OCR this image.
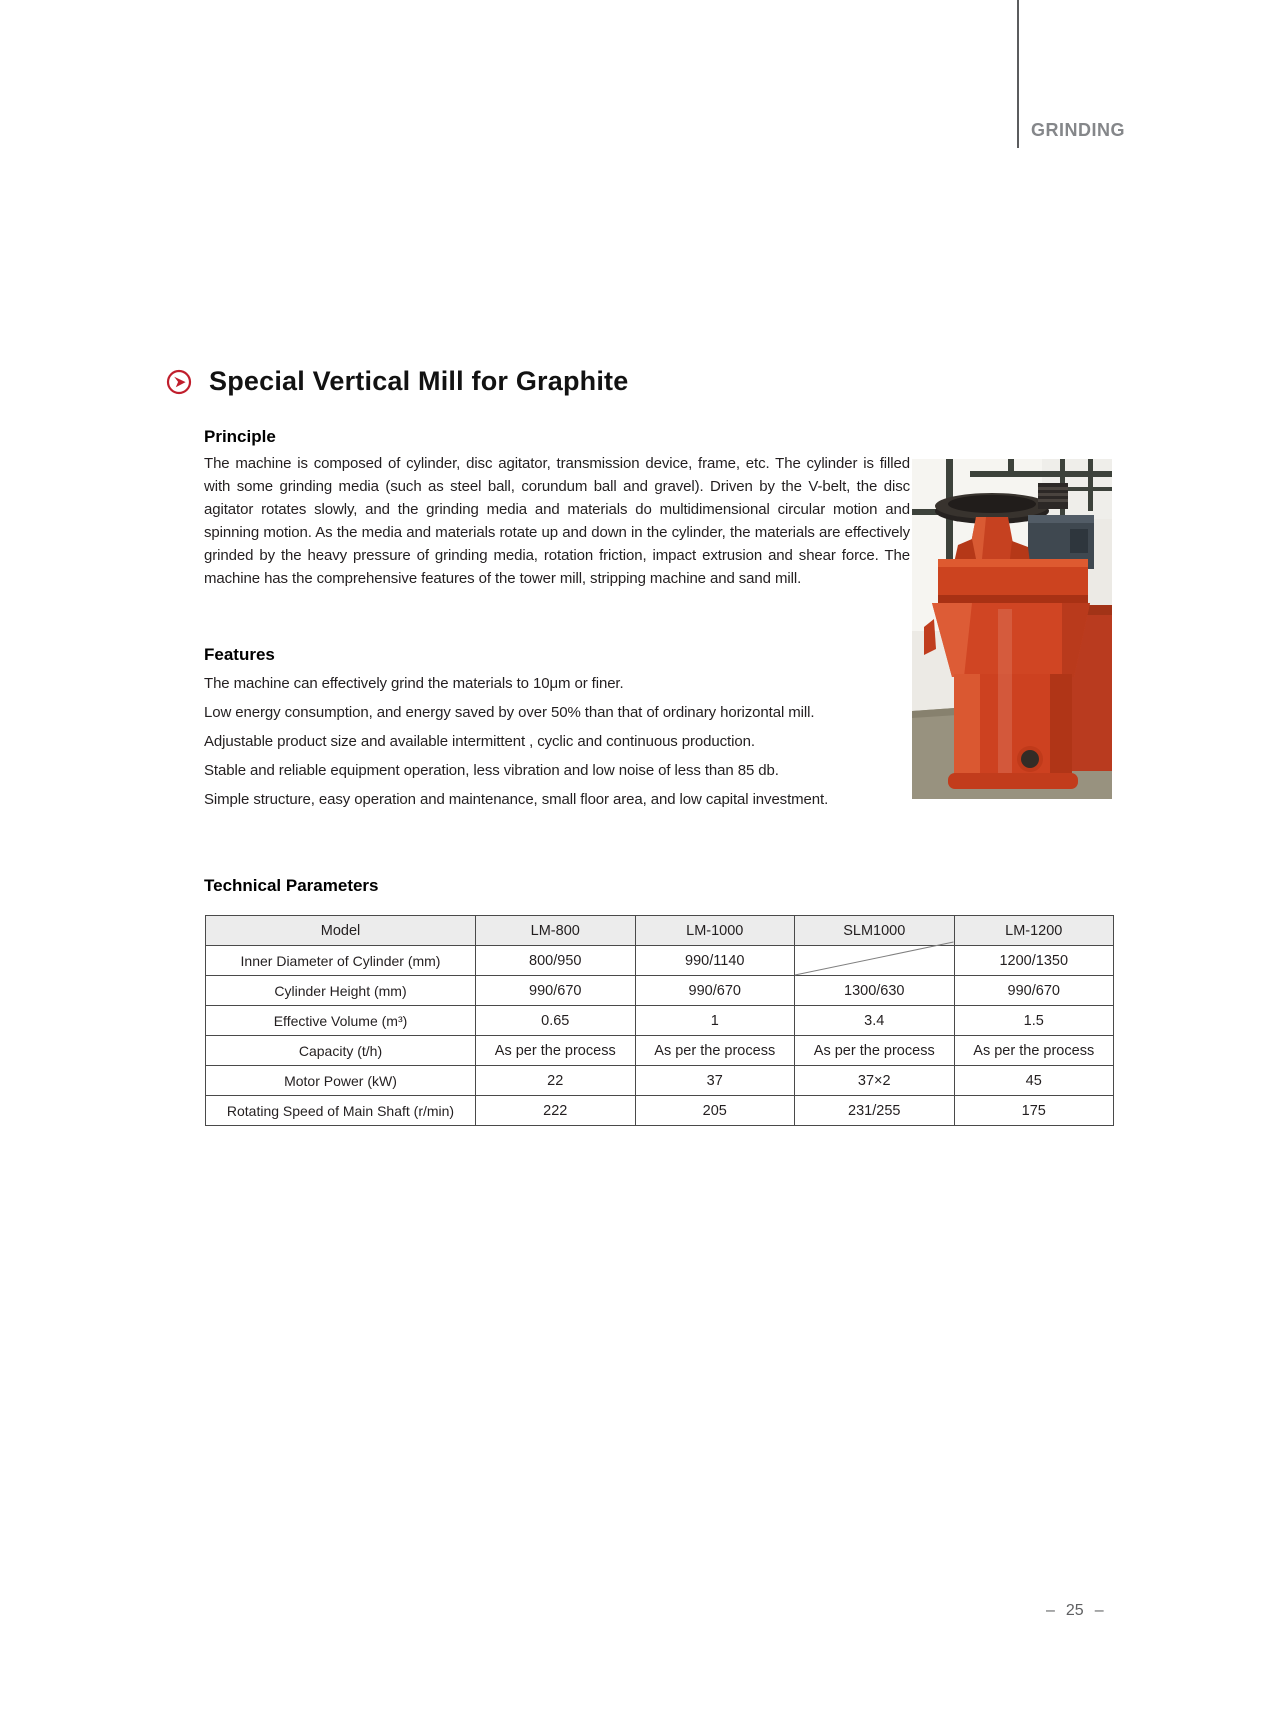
GRINDING
Special Vertical Mill for Graphite
Principle

The machine is composed of cylinder, disc agitator, transmission device, frame, etc. The cylinder is filled with some grinding media (such as steel ball, corundum ball and gravel). Driven by the V-belt, the disc agitator rotates slowly, and the grinding media and materials do multidimensional circular motion and spinning motion. As the media and materials rotate up and down in the cylinder, the materials are effectively grinded by the heavy pressure of grinding media, rotation friction, impact extrusion and shear force. The machine has the comprehensive features of the tower mill, stripping machine and sand mill.

Features

The machine can effectively grind the materials to 10μm or finer.

Low energy consumption, and energy saved by over 50% than that of ordinary horizontal mill.

Adjustable product size and available intermittent , cyclic and continuous production.

Stable and reliable equipment operation, less vibration and low noise of less than 85 db.

Simple structure, easy operation and maintenance, small floor area, and low capital investment.

Technical Parameters
Model	LM-800	LM-1000	SLM1000	LM-1200
Inner Diameter of Cylinder (mm)	800/950	990/1140		1200/1350
Cylinder Height (mm)	990/670	990/670	1300/630	990/670
Effective Volume (m³)	0.65	1	3.4	1.5
Capacity (t/h)	As per the process	As per the process	As per the process	As per the process
Motor Power (kW)	22	37	37×2	45
Rotating Speed of Main Shaft (r/min)	222	205	231/255	175
– 25 –
